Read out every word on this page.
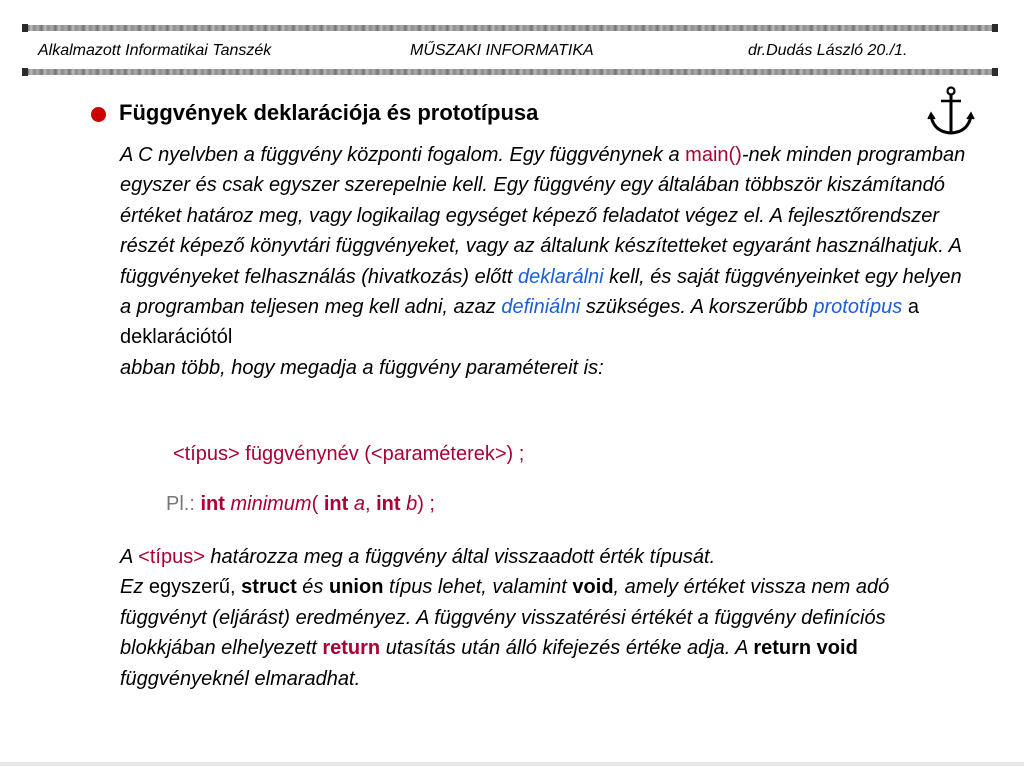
Alkalmazott Informatikai Tanszék	MŰSZAKI INFORMATIKA	dr.Dudás László 20./1.
Függvények deklarációja és prototípusa
A C nyelvben a függvény központi fogalom. Egy függvénynek a main()-nek minden programban egyszer és csak egyszer szerepelnie kell. Egy függvény egy általában többször kiszámítandó értéket határoz meg, vagy logikailag egységet képező feladatot végez el. A fejlesztőrendszer részét képező könyvtári függvényeket, vagy az általunk készítetteket egyaránt használhatjuk. A függvényeket felhasználás (hivatkozás) előtt deklarálni kell, és saját függvényeinket egy helyen a programban teljesen meg kell adni, azaz definiálni szükséges. A korszerűbb prototípus a deklarációtól
abban több, hogy megadja a függvény paramétereit is:
<típus> függvénynév (<paraméterek>) ;
Pl.: int minimum( int a, int b) ;
A <típus> határozza meg a függvény által visszaadott érték típusát.
Ez egyszerű, struct és union típus lehet, valamint void, amely értéket vissza nem adó függvényt (eljárást) eredményez. A függvény visszatérési értékét a függvény definíciós blokkjában elhelyezett return utasítás után álló kifejezés értéke adja. A return void függvényeknél elmaradhat.
